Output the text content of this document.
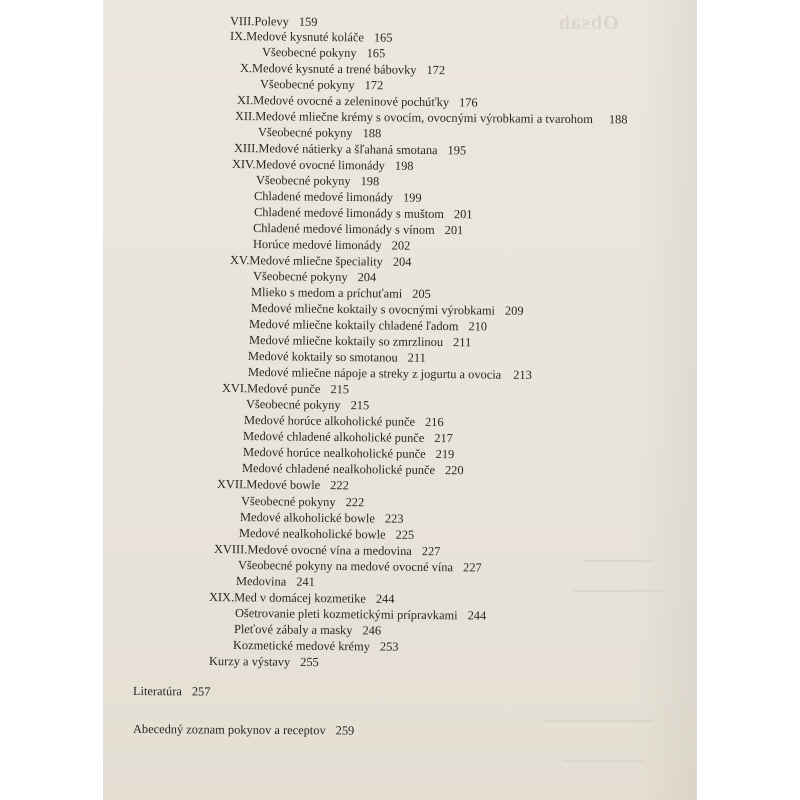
Obsah
VIII.Polevy 159
IX.Medové kysnuté koláče 165
Všeobecné pokyny 165
X.Medové kysnuté a trené bábovky 172
Všeobecné pokyny 172
XI.Medové ovocné a zeleninové pochúťky 176
XII.Medové mliečne krémy s ovocím, ovocnými výrobkami a tvarohom 188
Všeobecné pokyny 188
XIII.Medové nátierky a šľahaná smotana 195
XIV.Medové ovocné limonády 198
Všeobecné pokyny 198
Chladené medové limonády 199
Chladené medové limonády s muštom 201
Chladené medové limonády s vínom 201
Horúce medové limonády 202
XV.Medové mliečne špeciality 204
Všeobecné pokyny 204
Mlieko s medom a príchuťami 205
Medové mliečne koktaily s ovocnými výrobkami 209
Medové mliečne koktaily chladené ľadom 210
Medové mliečne koktaily so zmrzlinou 211
Medové koktaily so smotanou 211
Medové mliečne nápoje a streky z jogurtu a ovocia 213
XVI.Medové punče 215
Všeobecné pokyny 215
Medové horúce alkoholické punče 216
Medové chladené alkoholické punče 217
Medové horúce nealkoholické punče 219
Medové chladené nealkoholické punče 220
XVII.Medové bowle 222
Všeobecné pokyny 222
Medové alkoholické bowle 223
Medové nealkoholické bowle 225
XVIII.Medové ovocné vína a medovina 227
Všeobecné pokyny na medové ovocné vína 227
Medovina 241
XIX.Med v domácej kozmetike 244
Ošetrovanie pleti kozmetickými prípravkami 244
Pleťové zábaly a masky 246
Kozmetické medové krémy 253
Kurzy a výstavy 255
Literatúra 257
Abecedný zoznam pokynov a receptov 259
